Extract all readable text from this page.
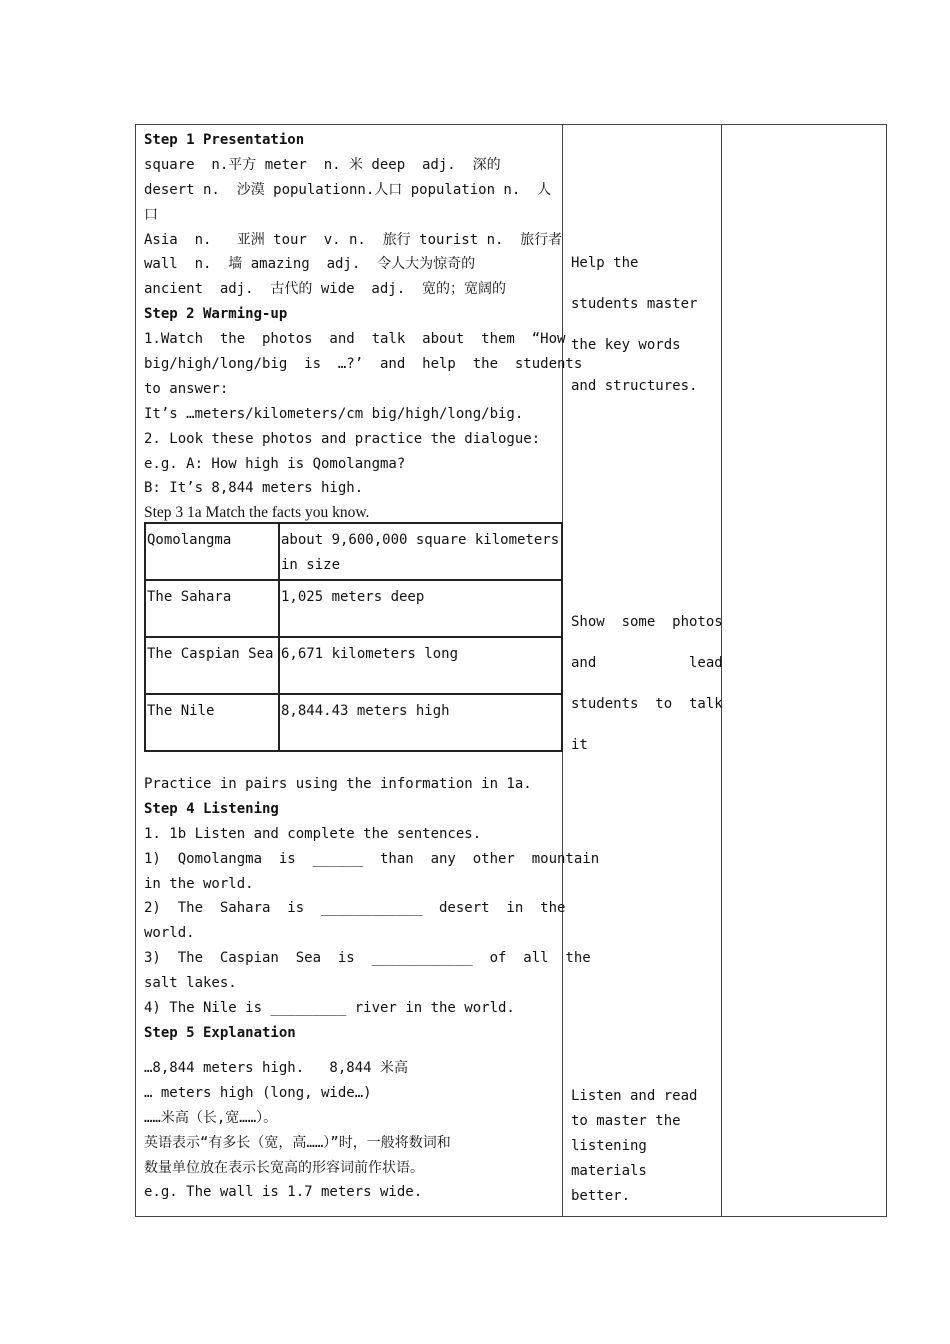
Step 1 Presentation
square  n.平方 meter  n. 米 deep  adj.  深的
desert n.  沙漠 populationn.人口 population n.  人
口
Asia  n.   亚洲 tour  v. n.  旅行 tourist n.  旅行者
wall  n.  墙 amazing  adj.  令人大为惊奇的
ancient  adj.  古代的 wide  adj.  宽的；宽阔的
Step 2 Warming-up
1.Watch  the  photos  and  talk  about  them  “How
big/high/long/big  is  …?’  and  help  the  students
to answer:
It’s …meters/kilometers/cm big/high/long/big.
2. Look these photos and practice the dialogue:
e.g. A: How high is Qomolangma?
B: It’s 8,844 meters high.
Step 3 1a Match the facts you know.
Qomolangma	about 9,600,000 square kilometers in size
The Sahara	1,025 meters deep
The Caspian Sea	6,671 kilometers long
The Nile	8,844.43 meters high
Practice in pairs using the information in 1a.
Step 4 Listening
1. 1b Listen and complete the sentences.
1)  Qomolangma  is  ______  than  any  other  mountain
in the world.
2)  The  Sahara  is  ____________  desert  in  the
world.
3)  The  Caspian  Sea  is  ____________  of  all  the
salt lakes.
4) The Nile is _________ river in the world.
Step 5 Explanation
…8,844 meters high.   8,844 米高
… meters high (long, wide…)
……米高（长,宽……）。
英语表示“有多长（宽，高……）”时，一般将数词和
数量单位放在表示长宽高的形容词前作状语。
e.g. The wall is 1.7 meters wide.
Help the
students master
the key words
and structures.
Show  some  photos
and           lead
students  to  talk
it
Listen and read
to master the
listening
materials
better.
